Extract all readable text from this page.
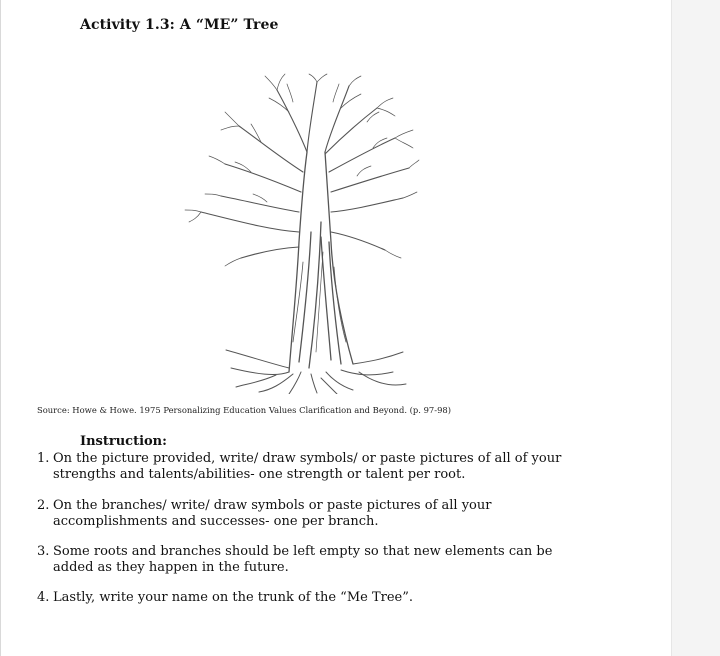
Activity 1.3: A “ME” Tree
Source: Howe & Howe. 1975 Personalizing Education Values Clarification and Beyond. (p. 97-98)
Instruction:
1. On the picture provided, write/ draw symbols/ or paste pictures of all of your
strengths and talents/abilities- one strength or talent per root.
2. On the branches/ write/ draw symbols or paste pictures of all your
accomplishments and successes- one per branch.
3. Some roots and branches should be left empty so that new elements can be
added as they happen in the future.
4. Lastly, write your name on the trunk of the “Me Tree”.
